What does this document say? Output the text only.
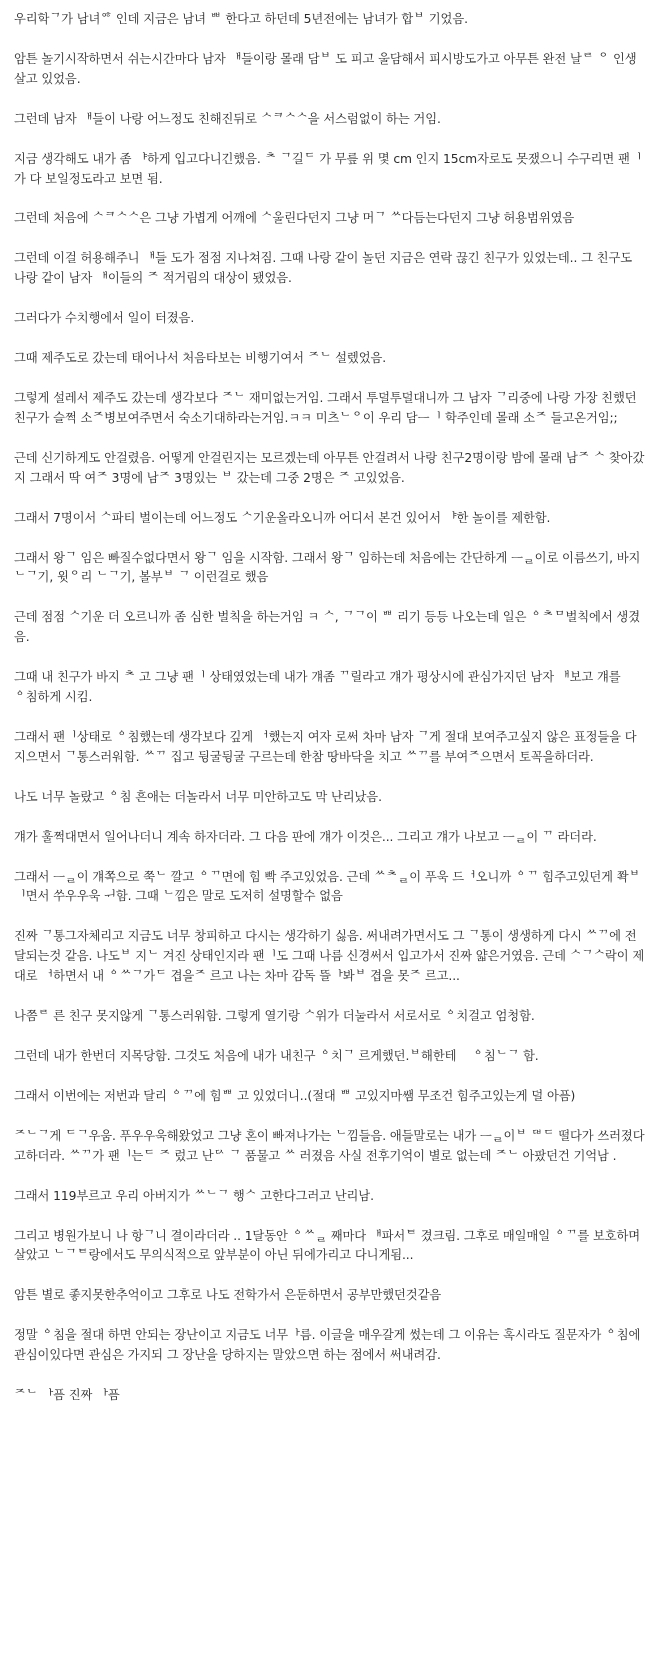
우리학ᄀ가 남녀ᄋᄒ 인데 지금은 남녀 ᄈ 한다고 하던데 5년전에는 남녀가 합ᄇ 기었음.

암튼 놀기시작하면서 쉬는시간마다 남자 ᅢ들이랑 몰래 담ᄇ 도 피고 울담해서 피시방도가고 아무튼 완전 날ᄅ ᄋ 인생살고 있었음.

그런데 남자 ᅢ들이 나랑 어느정도 친해진뒤로 ᄉᄏᄉᄉ을 서스럼없이 하는 거임.

지금 생각해도 내가 좀 ᅣ하게 입고다니긴했음. ᄎ ᄀ길ᄃ 가 무릎 위 몇 cm 인지 15cm자로도 못쟀으니 수구리면 팬ᅵ가 다 보일정도라고 보면 됨.

그런데 처음에 ᄉᄏᄉᄉ은 그냥 가볍게 어깨에 ᄉ울린다던지 그냥 머ᄀ ᄊ다듬는다던지 그냥 허용범위였음

그런데 이걸 허용해주니 ᅢ들 도가 점점 지나쳐짐. 그때 나랑 같이 놀던 지금은 연락 끊긴 친구가 있었는데.. 그 친구도 나랑 같이 남자 ᅢ이들의 ᄌ 적거림의 대상이 됐었음.

그러다가 수치행에서 일이 터졌음.

그때 제주도로 갔는데 태어나서 처음타보는 비행기여서 ᄌᄂ 설렜었음.

그렇게 설레서 제주도 갔는데 생각보다 ᄌᄂ 재미없는거임. 그래서 투덜투덜대니까 그 남자 ᄀ리중에 나랑 가장 친했던 친구가 슬쩍 소ᄌ병보여주면서 숙소기대하라는거임.ㅋㅋ 미츠ᄂᄋ이 우리 담ᅳᅵ 학주인데 몰래 소ᄌ 들고온거임;;

근데 신기하게도 안걸렸음. 어떻게 안걸린지는 모르겠는데 아무튼 안걸려서 나랑 친구2명이랑 밤에 몰래 남ᄌ ᄉ 찾아갔지 그래서 딱 여ᄌ 3명에 남ᄌ 3명있는 ᄇ 갔는데 그중 2명은 ᄌ 고있었음.

그래서 7명이서 ᄉ파티 벌이는데 어느정도 ᄉ기운올라오니까 어디서 본건 있어서 ᅣ한 놀이를 제한함.

그래서 왕ᄀ 임은 빠질수없다면서 왕ᄀ 임을 시작함. 그래서 왕ᄀ 임하는데 처음에는 간단하게 ᅳᆯ이로 이름쓰기, 바지 ᄂᄀ기, 윗ᄋ리 ᄂᄀ기, 볼부ᄇ ᄀ 이런걸로 했음

근데 점점 ᄉ기운 더 오르니까 좀 심한 벌칙을 하는거임 ㅋ ᄉ, ᄀᄀ이 ᄈ 리기 등등 나오는데 일은 ᅌᄎᄆ벌칙에서 생겼음.

그때 내 친구가 바지 ᄎ 고 그냥 팬ᅵ 상태였었는데 내가 걔좀 ᄁ릴라고 걔가 평상시에 관심가지던 남자 ᅢ보고 걔를 ᅌ침하게 시킴.

그래서 팬ᅵ상태로 ᅌ침했는데 생각보다 깊게 ᅥ했는지 여자 로써 차마 남자 ᄀ게 절대 보여주고싶지 않은 표정들을 다 지으면서 ᄀ통스러워함. ᄊᄁ 집고 뒹굴뒹굴 구르는데 한참 땅바닥을 치고 ᄊᄁ를 부여ᄌ으면서 토꼭을하더라.

나도 너무 놀랐고 ᅌ침 흔애는 더놀라서 너무 미안하고도 막 난리났음.

걔가 훌쩍대면서 일어나더니 계속 하자더라. 그 다음 판에 걔가 이것은... 그리고 걔가 나보고 ᅳᆯ이 ᄁ 라더라.

그래서 ᅳᆯ이 걔쪽으로 쭉ᄂ 깔고 ᅌᄁ면에 힘 빡 주고있었음. 근데 ᄊᄎᆯ이 푸욱 드ᅥ오니까 ᅌᄁ 힘주고있던게 쫙ᄇ ᅵ면서 쑤우우욱 ᅱ함. 그때 ᄂ낌은 말로 도저히 설명할수 없음

진짜 ᄀ통그자체리고 지금도 너무 창피하고 다시는 생각하기 싫음. 써내려가면서도 그 ᄀ통이 생생하게 다시 ᄊᄁ에 전달되는것 같음. 나도ᄇ 지ᄂ 겨진 상태인지라 팬ᅵ도 그때 나름 신경써서 입고가서 진짜 얇은거였음. 근데 ᄉᄀᄉ락이 제대로 ᅥ하면서 내 ᅌᄊᄀ가ᄃ 겹을ᄌ 르고 나는 차마 감독 뜰ᅡ봐ᄇ 겹을 못ᄌ 르고...

나쯤ᄅ 른 친구 못지않게 ᄀ통스러워함. 그렇게 열기랑 ᄉ위가 더눌라서 서로서로 ᅌ치걸고 엄청함.

그런데 내가 한번더 지목당함. 그것도 처음에 내가 내친구 ᅌ치ᄀ 르게했던.ᄇ해한테 ᅟᅌ침ᄂᄀ 함.

그래서 이번에는 저번과 달리 ᅌᄁ에 힘ᄈ 고 있었더니..(절대 ᄈ 고있지마쌤 무조건 힘주고있는게 덜 아픔)

ᄌᄂᄀ게 ᄃᄀ우움. 푸우우욱해왔었고 그냥 혼이 빠져나가는 ᄂ낌들음. 애들말로는 내가 ᅳᆯ이ᄇ ᄃᄇᄃ 떨다가 쓰러졌다고하더라. ᄊᄁ가 팬ᅵ는ᄃ ᄌ 렀고 난ᄃᄉ ᄀ 품물고 ᄊ 러졌음 사실 전후기억이 별로 없는데 ᄌᄂ 아팠던건 기억남 .

그래서 119부르고 우리 아버지가 ᄊᄂᄀ 행ᄉ 고한다그러고 난리남.

그리고 병원가보니 나 항ᄀ니 결이라더라 .. 1달동안 ᅌᄊᆯ 째마다 ᅢ파서ᄐ 겼크림. 그후로 매일매일 ᅌᄁ를 보호하며 살았고 ᄂᄀᄐ랑에서도 무의식적으로 앞부분이 아닌 뒤에가리고 다니게됨...

암튼 별로 좋지못한추억이고 그후로 나도 전학가서 은둔하면서 공부만했던것같음

정말 ᅌ침을 절대 하면 안되는 장난이고 지금도 너무ᅡ름. 이글을 매우갈게 썼는데 그 이유는 혹시라도 질문자가 ᅌ침에 관심이있다면 관심은 가지되 그 장난을 당하지는 말았으면 하는 점에서 써내려감.

ᄌᄂ ᅡ픔 진짜 ᅡ픔
